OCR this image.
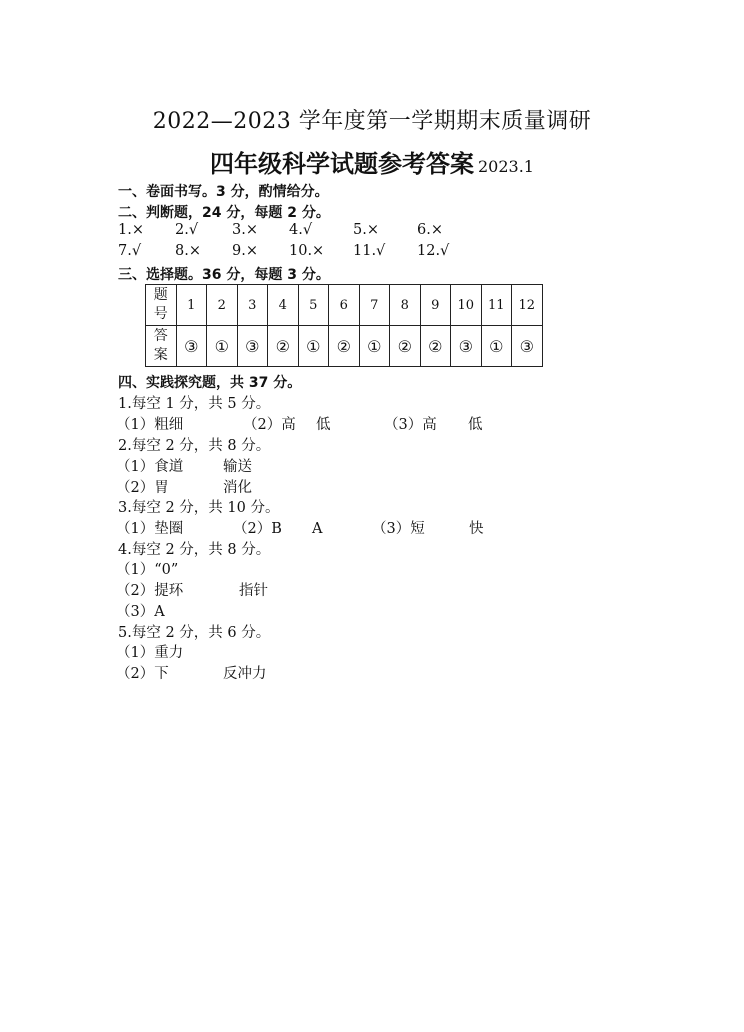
2022—2023 学年度第一学期期末质量调研
四年级科学试题参考答案 2023.1
一、卷面书写。3 分，酌情给分。
二、判断题，24 分，每题 2 分。
1.× 2.√ 3.× 4.√	5.×	6.×
7.√ 8.× 9.× 10.× 11.√ 12.√
三、选择题。36 分，每题 3 分。
题
号	1	2	3	4	5	6	7	8	9	10	11	12
答
案	③	①	③	②	①	②	①	②	②	③	①	③
四、实践探究题，共 37 分。
1.每空 1 分，共 5 分。
（1）粗细	（2）高 低	（3）高 低
2.每空 2 分，共 8 分。
（1）食道	输送
（2）胃	消化
3.每空 2 分，共 10 分。
（1）垫圈	（2）B A	（3）短	快
4.每空 2 分，共 8 分。
（1）“0”
（2）提环	指针
（3）A
5.每空 2 分，共 6 分。
（1）重力
（2）下	反冲力
